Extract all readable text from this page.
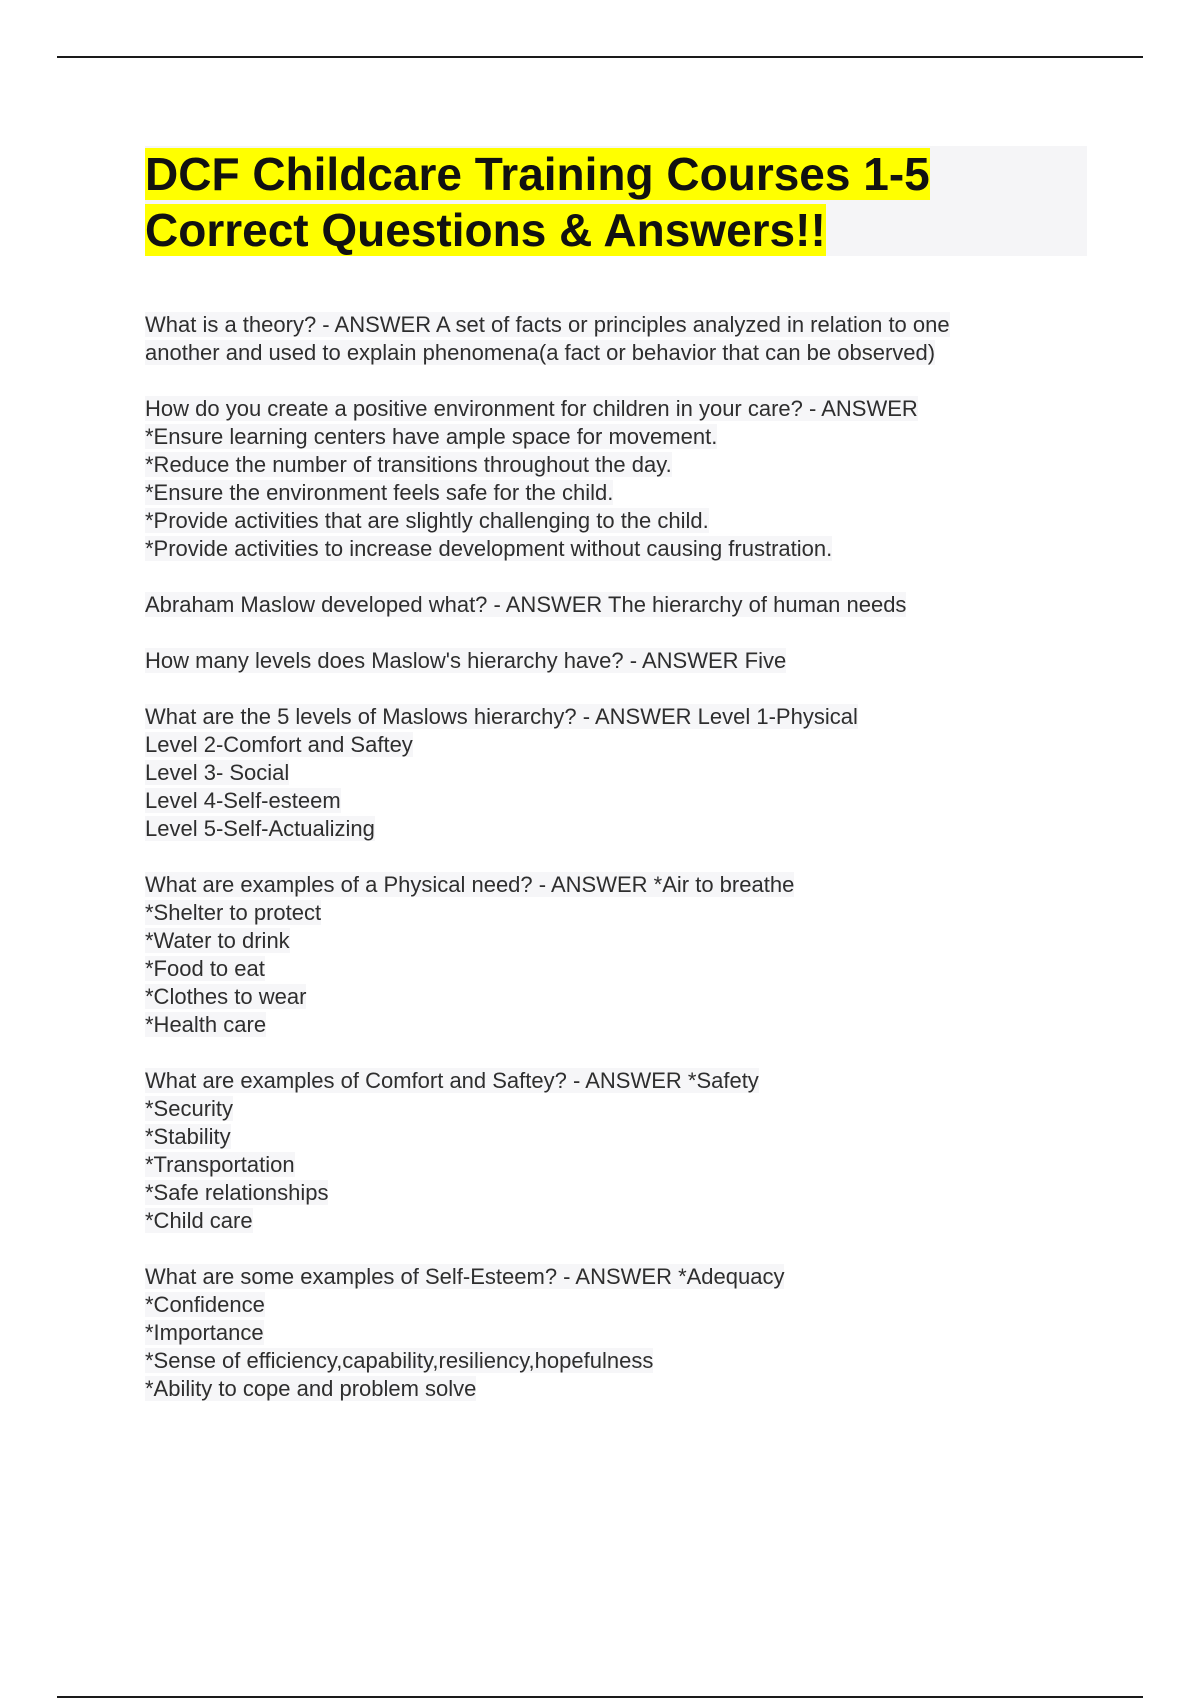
DCF Childcare Training Courses 1-5
Correct Questions & Answers!!
What is a theory? - ANSWER A set of facts or principles analyzed in relation to one
another and used to explain phenomena(a fact or behavior that can be observed)
How do you create a positive environment for children in your care? - ANSWER
*Ensure learning centers have ample space for movement.
*Reduce the number of transitions throughout the day.
*Ensure the environment feels safe for the child.
*Provide activities that are slightly challenging to the child.
*Provide activities to increase development without causing frustration.
Abraham Maslow developed what? - ANSWER The hierarchy of human needs
How many levels does Maslow's hierarchy have? - ANSWER Five
What are the 5 levels of Maslows hierarchy? - ANSWER Level 1-Physical
Level 2-Comfort and Saftey
Level 3- Social
Level 4-Self-esteem
Level 5-Self-Actualizing
What are examples of a Physical need? - ANSWER *Air to breathe
*Shelter to protect
*Water to drink
*Food to eat
*Clothes to wear
*Health care
What are examples of Comfort and Saftey? - ANSWER *Safety
*Security
*Stability
*Transportation
*Safe relationships
*Child care
What are some examples of Self-Esteem? - ANSWER *Adequacy
*Confidence
*Importance
*Sense of efficiency,capability,resiliency,hopefulness
*Ability to cope and problem solve
